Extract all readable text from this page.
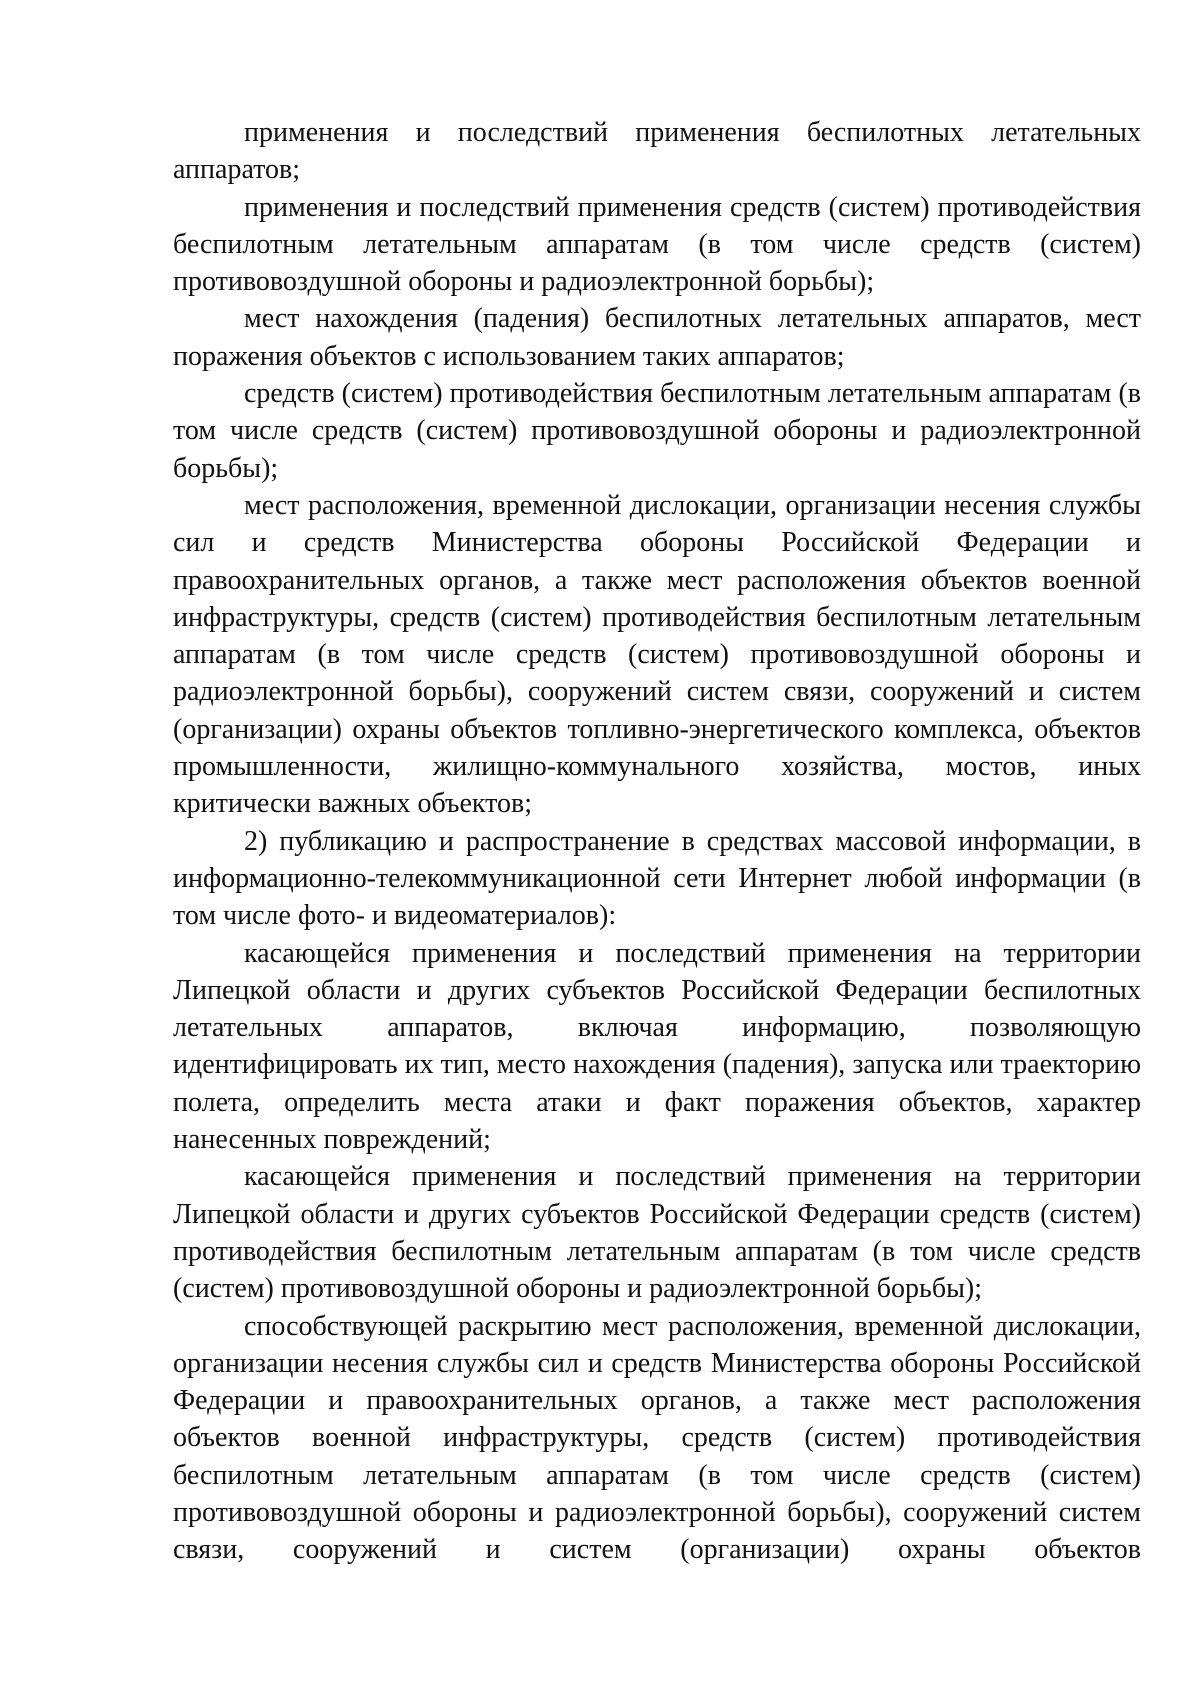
применения и последствий применения беспилотных летательных аппаратов;

применения и последствий применения средств (систем) противодействия беспилотным летательным аппаратам (в том числе средств (систем) противовоздушной обороны и радиоэлектронной борьбы);

мест нахождения (падения) беспилотных летательных аппаратов, мест поражения объектов с использованием таких аппаратов;

средств (систем) противодействия беспилотным летательным аппаратам (в том числе средств (систем) противовоздушной обороны и радиоэлектронной борьбы);

мест расположения, временной дислокации, организации несения службы сил и средств Министерства обороны Российской Федерации и правоохранительных органов, а также мест расположения объектов военной инфраструктуры, средств (систем) противодействия беспилотным летательным аппаратам (в том числе средств (систем) противовоздушной обороны и радиоэлектронной борьбы), сооружений систем связи, сооружений и систем (организации) охраны объектов топливно-энергетического комплекса, объектов промышленности, жилищно-коммунального хозяйства, мостов, иных критически важных объектов;

2) публикацию и распространение в средствах массовой информации, в информационно-телекоммуникационной сети Интернет любой информации (в том числе фото- и видеоматериалов):

касающейся применения и последствий применения на территории Липецкой области и других субъектов Российской Федерации беспилотных летательных аппаратов, включая информацию, позволяющую идентифицировать их тип, место нахождения (падения), запуска или траекторию полета, определить места атаки и факт поражения объектов, характер нанесенных повреждений;

касающейся применения и последствий применения на территории Липецкой области и других субъектов Российской Федерации средств (систем) противодействия беспилотным летательным аппаратам (в том числе средств (систем) противовоздушной обороны и радиоэлектронной борьбы);

способствующей раскрытию мест расположения, временной дислокации, организации несения службы сил и средств Министерства обороны Российской Федерации и правоохранительных органов, а также мест расположения объектов военной инфраструктуры, средств (систем) противодействия беспилотным летательным аппаратам (в том числе средств (систем) противовоздушной обороны и радиоэлектронной борьбы), сооружений систем связи, сооружений и систем (организации) охраны объектов
